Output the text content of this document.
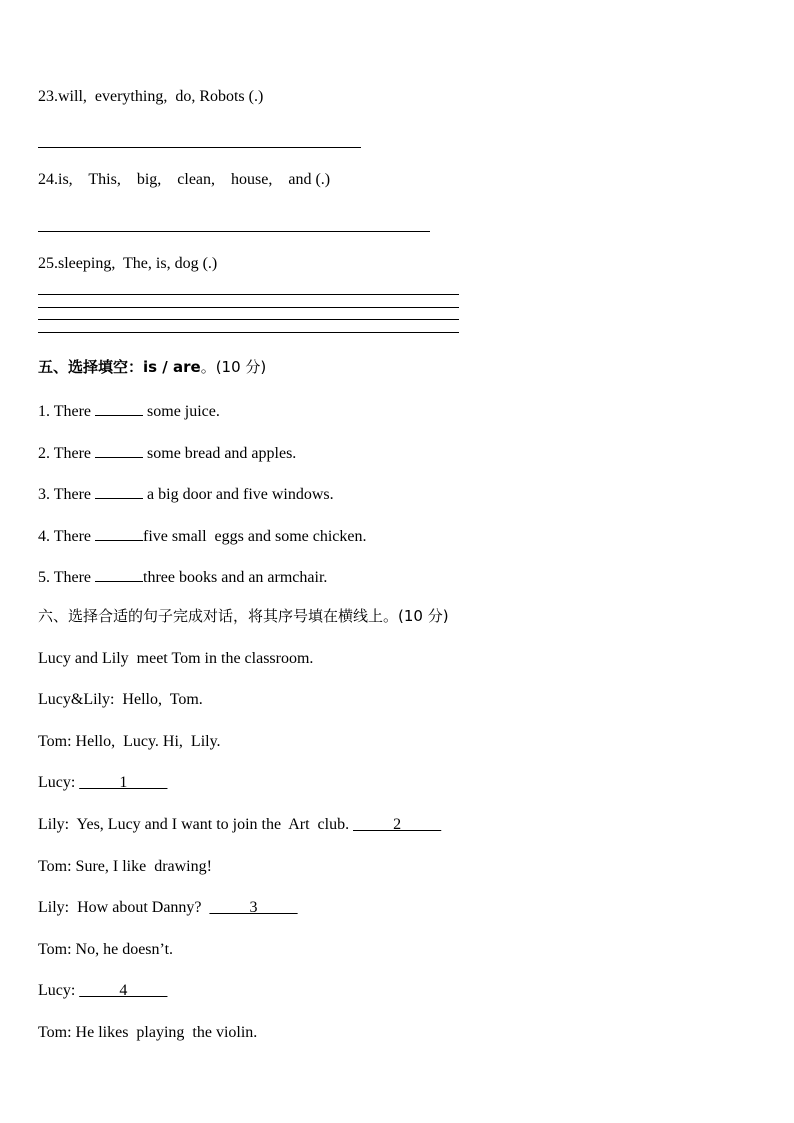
23.will,  everything,  do, Robots (.)
24.is,    This,    big,    clean,    house,    and (.)
25.sleeping,  The, is, dog (.)
五、选择填空：is / are。(10 分)
1. There	some juice.
2. There	some bread and apples.
3. There	a big door and five windows.
4. There	five small  eggs and some chicken.
5. There	three books and an armchair.
六、选择合适的句子完成对话，将其序号填在横线上。(10 分)
Lucy and Lily  meet Tom in the classroom.
Lucy&Lily:  Hello,  Tom.
Tom: Hello,  Lucy. Hi,  Lily.
Lucy: _____1_____
Lily:  Yes, Lucy and I want to join the  Art  club. _____2_____
Tom: Sure, I like  drawing!
Lily:  How about Danny?  _____3_____
Tom: No, he doesn’t.
Lucy: _____4_____
Tom: He likes  playing  the violin.
